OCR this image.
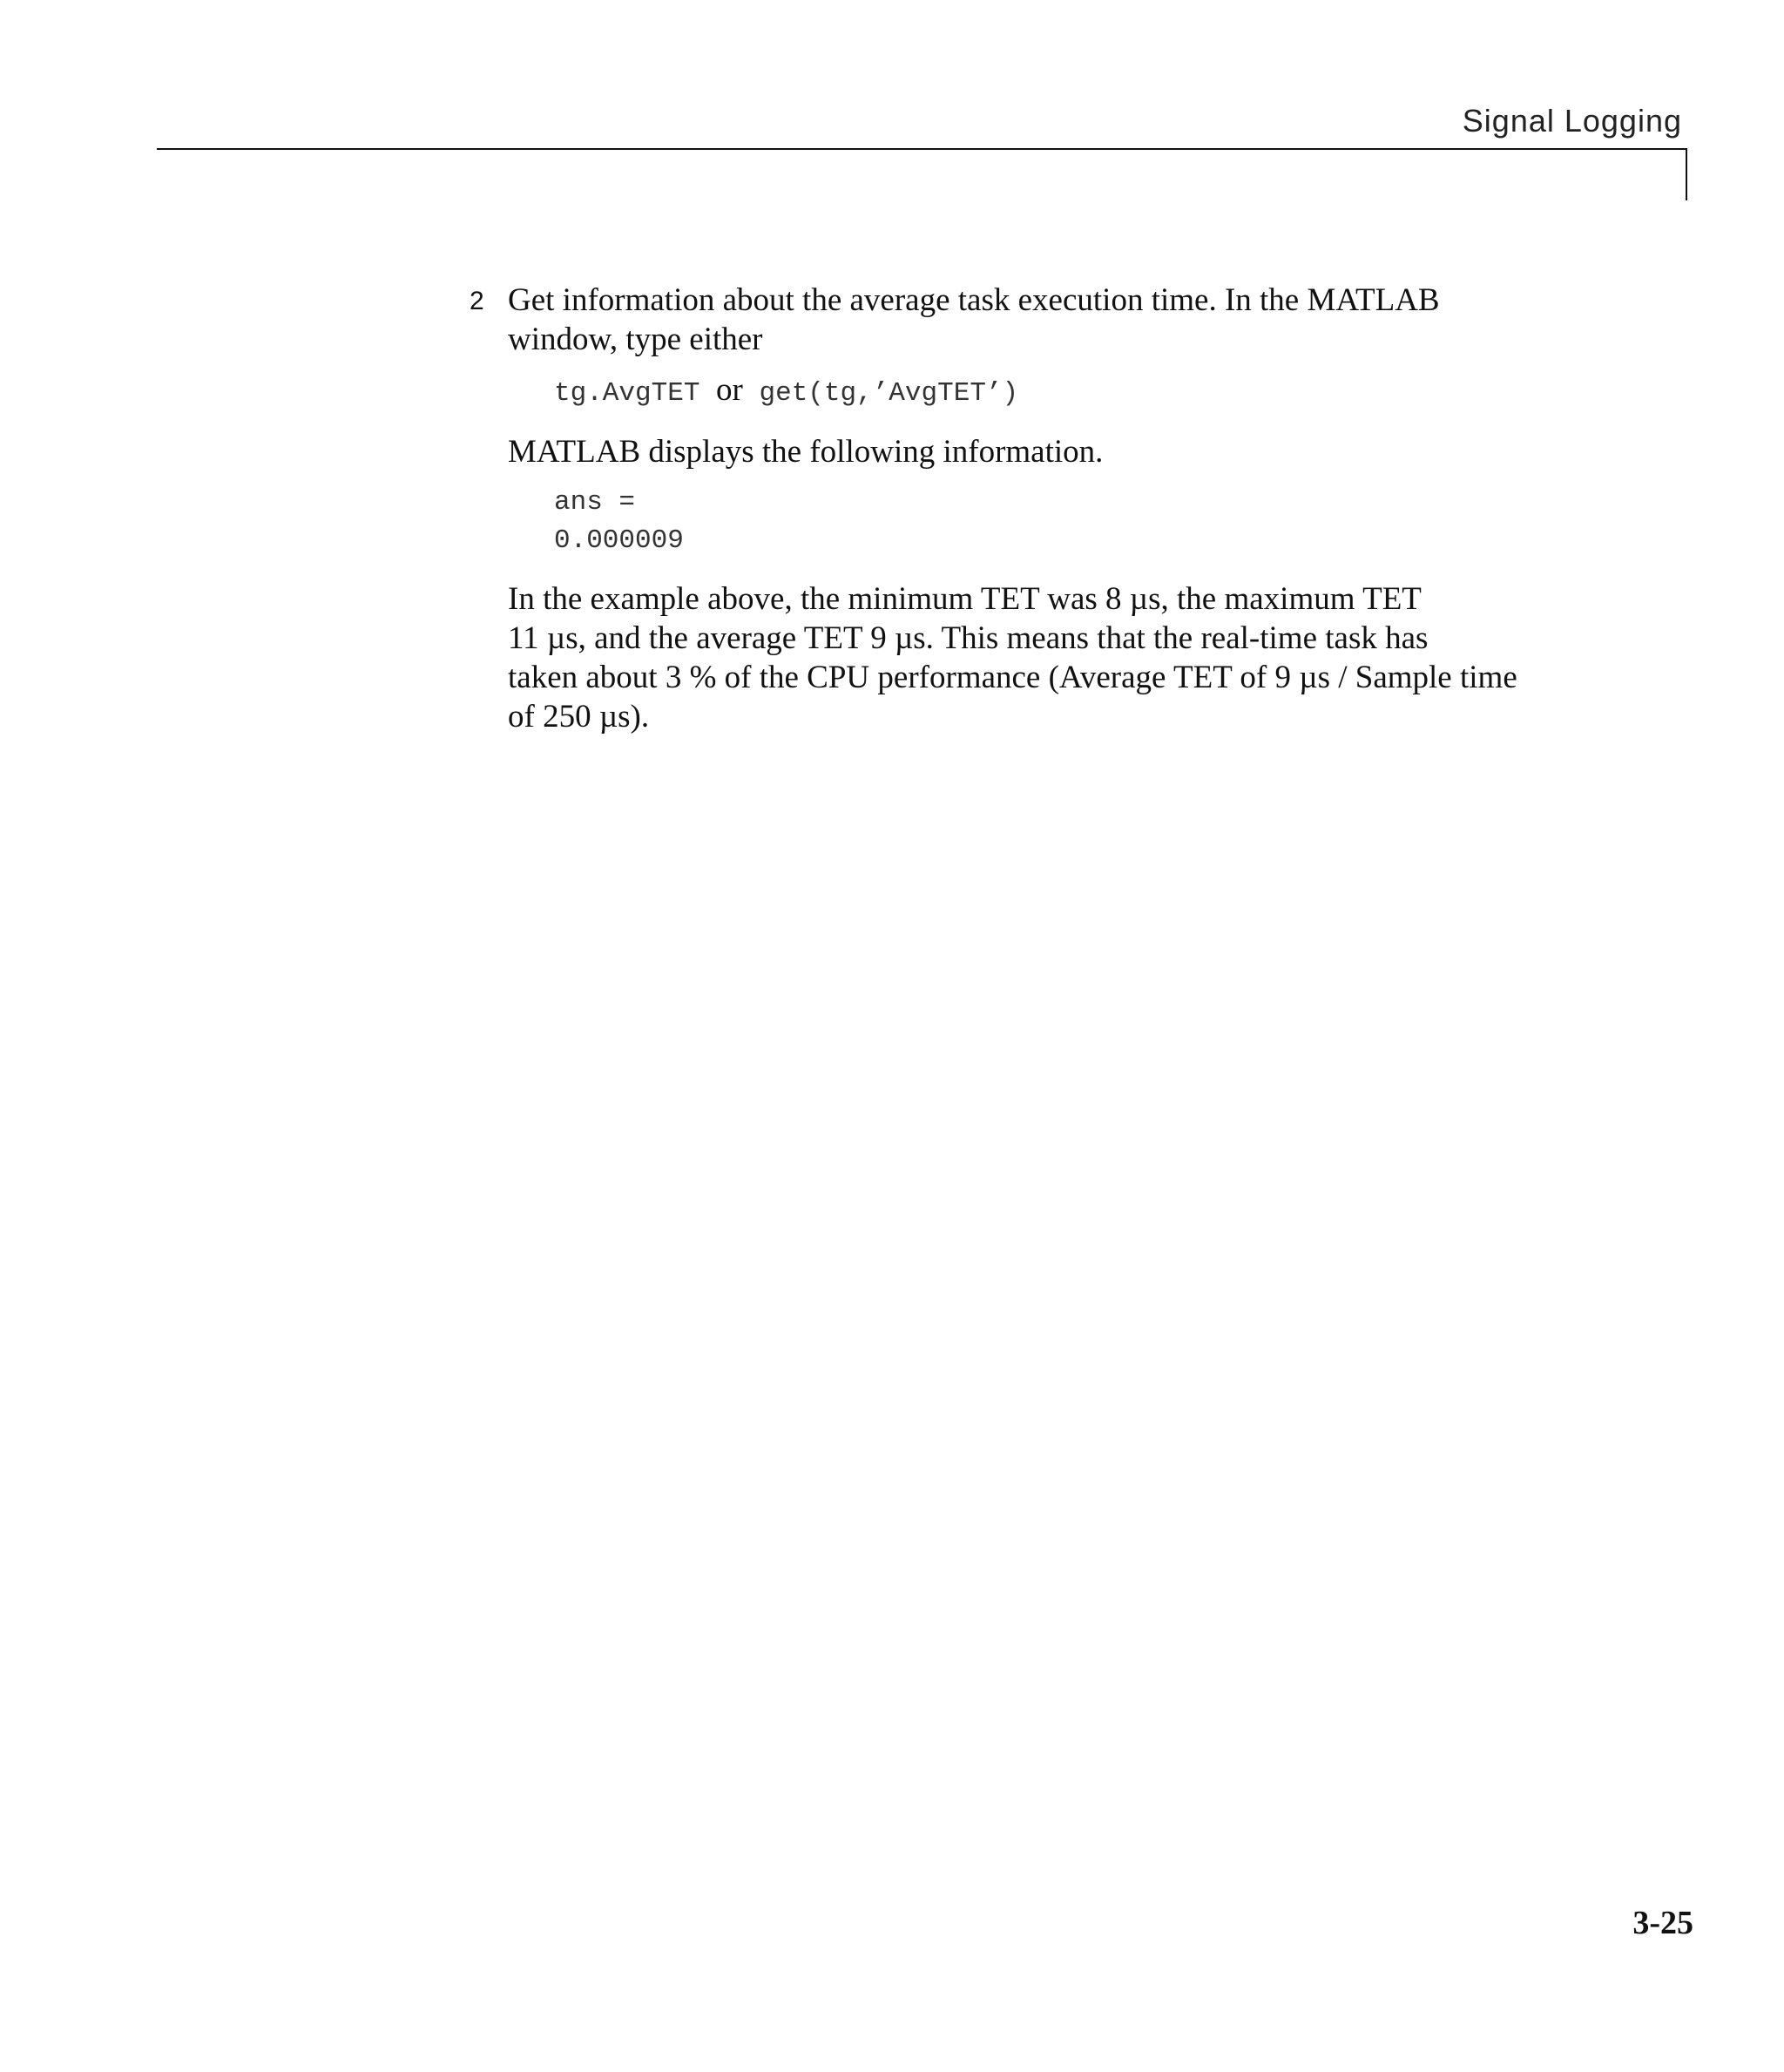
Signal Logging
2 Get information about the average task execution time. In the MATLAB
window, type either

tg.AvgTET or get(tg,’AvgTET’)

MATLAB displays the following information.

ans =
0.000009

In the example above, the minimum TET was 8 µs, the maximum TET
11 µs, and the average TET 9 µs. This means that the real-time task has
taken about 3 % of the CPU performance (Average TET of 9 µs / Sample time
of 250 µs).

3-25
